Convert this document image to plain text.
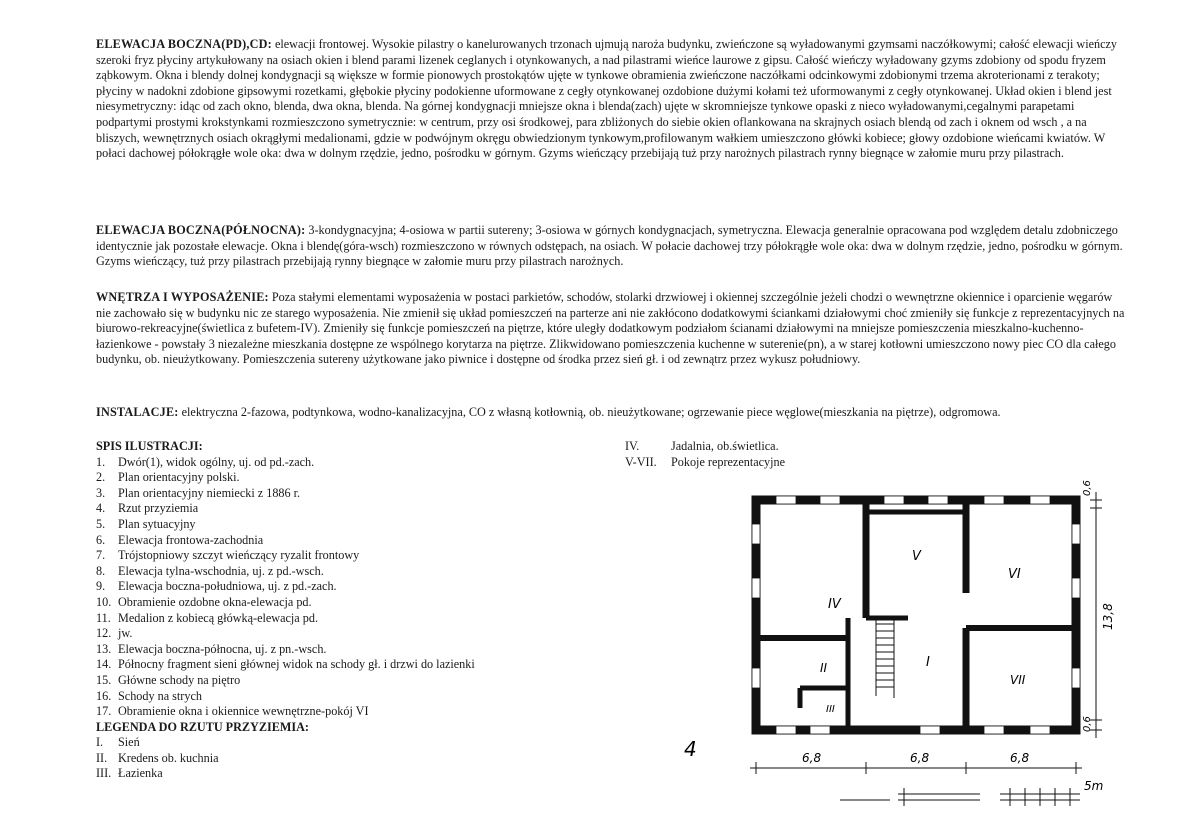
ELEWACJA BOCZNA(PD),CD: elewacji frontowej. Wysokie pilastry o kanelurowanych trzonach ujmują naroża budynku, zwieńczone są wyładowanymi gzymsami naczółkowymi; całość elewacji wieńczy szeroki fryz płyciny artykułowany na osiach okien i blend parami lizenek ceglanych i otynkowanych, a nad pilastrami wieńce laurowe z gipsu. Całość wieńczy wyładowany gzyms zdobiony od spodu fryzem ząbkowym. Okna i blendy dolnej kondygnacji są większe w formie pionowych prostokątów ujęte w tynkowe obramienia zwieńczone naczółkami odcinkowymi zdobionymi trzema akroterionami z terakoty; płyciny w nadokni zdobione gipsowymi rozetkami, głębokie płyciny podokienne uformowane z cegły otynkowanej ozdobione dużymi kołami też uformowanymi z cegły otynkowanej. Układ okien i blend jest niesymetryczny: idąc od zach okno, blenda, dwa okna, blenda. Na górnej kondygnacji mniejsze okna i blenda(zach) ujęte w skromniejsze tynkowe opaski z nieco wyładowanymi,cegalnymi parapetami podpartymi prostymi krokstynkami rozmieszczono symetrycznie: w centrum, przy osi środkowej, para zbliżonych do siebie okien oflankowana na skrajnych osiach blendą od zach i oknem od wsch , a na bliszych, wewnętrznych osiach okrągłymi medalionami, gdzie w podwójnym okręgu obwiedzionym tynkowym,profilowanym wałkiem umieszczono główki kobiece; głowy ozdobione wieńcami kwiatów. W połaci dachowej półokrągłe wole oka: dwa w dolnym rzędzie, jedno, pośrodku w górnym. Gzyms wieńczący przebijają tuż przy narożnych pilastrach rynny biegnące w załomie muru przy pilastrach.
ELEWACJA BOCZNA(PÓŁNOCNA): 3-kondygnacyjna; 4-osiowa w partii sutereny; 3-osiowa w górnych kondygnacjach, symetryczna. Elewacja generalnie opracowana pod względem detalu zdobniczego identycznie jak pozostałe elewacje. Okna i blendę(góra-wsch) rozmieszczono w równych odstępach, na osiach. W połacie dachowej trzy półokrągłe wole oka: dwa w dolnym rzędzie, jedno, pośrodku w górnym. Gzyms wieńczący, tuż przy pilastrach przebijają rynny biegnące w załomie muru przy pilastrach narożnych.
WNĘTRZA I WYPOSAŻENIE: Poza stałymi elementami wyposażenia w postaci parkietów, schodów, stolarki drzwiowej i okiennej szczególnie jeżeli chodzi o wewnętrzne okiennice i oparcienie węgarów nie zachowało się w budynku nic ze starego wyposażenia. Nie zmienił się układ pomieszczeń na parterze ani nie zakłócono dodatkowymi ściankami działowymi choć zmieniły się funkcje z reprezentacyjnych na biurowo-rekreacyjne(świetlica z bufetem-IV). Zmieniły się funkcje pomieszczeń na piętrze, które uległy dodatkowym podziałom ścianami działowymi na mniejsze pomieszczenia mieszkalno-kuchenno-łazienkowe - powstały 3 niezależne mieszkania dostępne ze wspólnego korytarza na piętrze. Zlikwidowano pomieszczenia kuchenne w suterenie(pn), a w starej kotłowni umieszczono nowy piec CO dla całego budynku, ob. nieużytkowany. Pomieszczenia sutereny użytkowane jako piwnice i dostępne od środka przez sień gł. i od zewnątrz przez wykusz południowy.
INSTALACJE: elektryczna 2-fazowa, podtynkowa, wodno-kanalizacyjna, CO z własną kotłownią, ob. nieużytkowane; ogrzewanie piece węglowe(mieszkania na piętrze), odgromowa.
SPIS ILUSTRACJI:
1.	Dwór(1), widok ogólny, uj. od pd.-zach.
2.	Plan orientacyjny polski.
3.	Plan orientacyjny niemiecki z 1886 r.
4.	Rzut przyziemia
5.	Plan sytuacyjny
6.	Elewacja frontowa-zachodnia
7.	Trójstopniowy szczyt wieńczący ryzalit frontowy
8.	Elewacja tylna-wschodnia, uj. z pd.-wsch.
9.	Elewacja boczna-południowa, uj. z pd.-zach.
10. Obramienie ozdobne okna-elewacja pd.
11. Medalion z kobiecą główką-elewacja pd.
12. jw.
13. Elewacja boczna-północna, uj. z pn.-wsch.
14. Północny fragment sieni głównej widok na schody gł. i drzwi do lazienki
15. Główne schody na piętro
16. Schody na strych
17. Obramienie okna i okiennice wewnętrzne-pokój VI
LEGENDA DO RZUTU PRZYZIEMIA:
I.	Sień
II. Kredens ob. kuchnia
III. Łazienka
IV.	Jadalnia, ob.świetlica.
V-VII.	Pokoje reprezentacyjne
IV
V
VI
I
II
III
VII
0,6
13,8
0,6
6,8	6,8	6,8
5m
4
